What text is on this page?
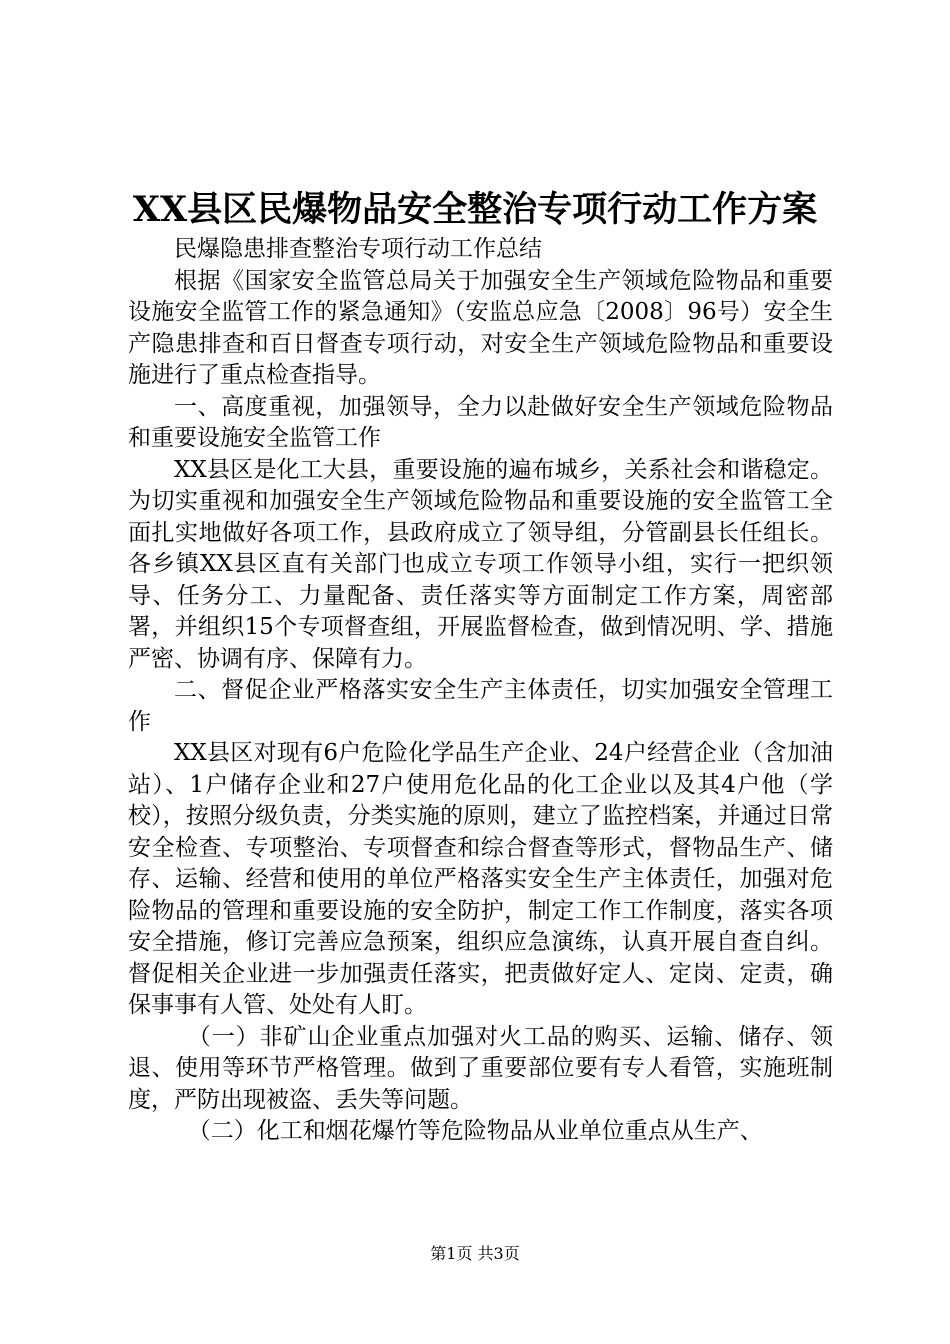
XX县区民爆物品安全整治专项行动工作方案

民爆隐患排查整治专项行动工作总结

根据《国家安全监管总局关于加强安全生产领域危险物品和重要设施安全监管工作的紧急通知》（安监总应急〔2008〕96号）安全生产隐患排查和百日督查专项行动，对安全生产领域危险物品和重要设施进行了重点检查指导。

一、高度重视，加强领导，全力以赴做好安全生产领域危险物品和重要设施安全监管工作

XX县区是化工大县，重要设施的遍布城乡，关系社会和谐稳定。为切实重视和加强安全生产领域危险物品和重要设施的安全监管工全面扎实地做好各项工作，县政府成立了领导组，分管副县长任组长。各乡镇XX县区直有关部门也成立专项工作领导小组，实行一把织领导、任务分工、力量配备、责任落实等方面制定工作方案，周密部署，并组织15个专项督查组，开展监督检查，做到情况明、学、措施严密、协调有序、保障有力。

二、督促企业严格落实安全生产主体责任，切实加强安全管理工作

XX县区对现有6户危险化学品生产企业、24户经营企业（含加油站）、1户储存企业和27户使用危化品的化工企业以及其4户他（学校），按照分级负责，分类实施的原则，建立了监控档案，并通过日常安全检查、专项整治、专项督查和综合督查等形式，督物品生产、储存、运输、经营和使用的单位严格落实安全生产主体责任，加强对危险物品的管理和重要设施的安全防护，制定工作工作制度，落实各项安全措施，修订完善应急预案，组织应急演练，认真开展自查自纠。督促相关企业进一步加强责任落实，把责做好定人、定岗、定责，确保事事有人管、处处有人盯。

（一）非矿山企业重点加强对火工品的购买、运输、储存、领退、使用等环节严格管理。做到了重要部位要有专人看管，实施班制度，严防出现被盗、丢失等问题。

（二）化工和烟花爆竹等危险物品从业单位重点从生产、

第1页 共3页
